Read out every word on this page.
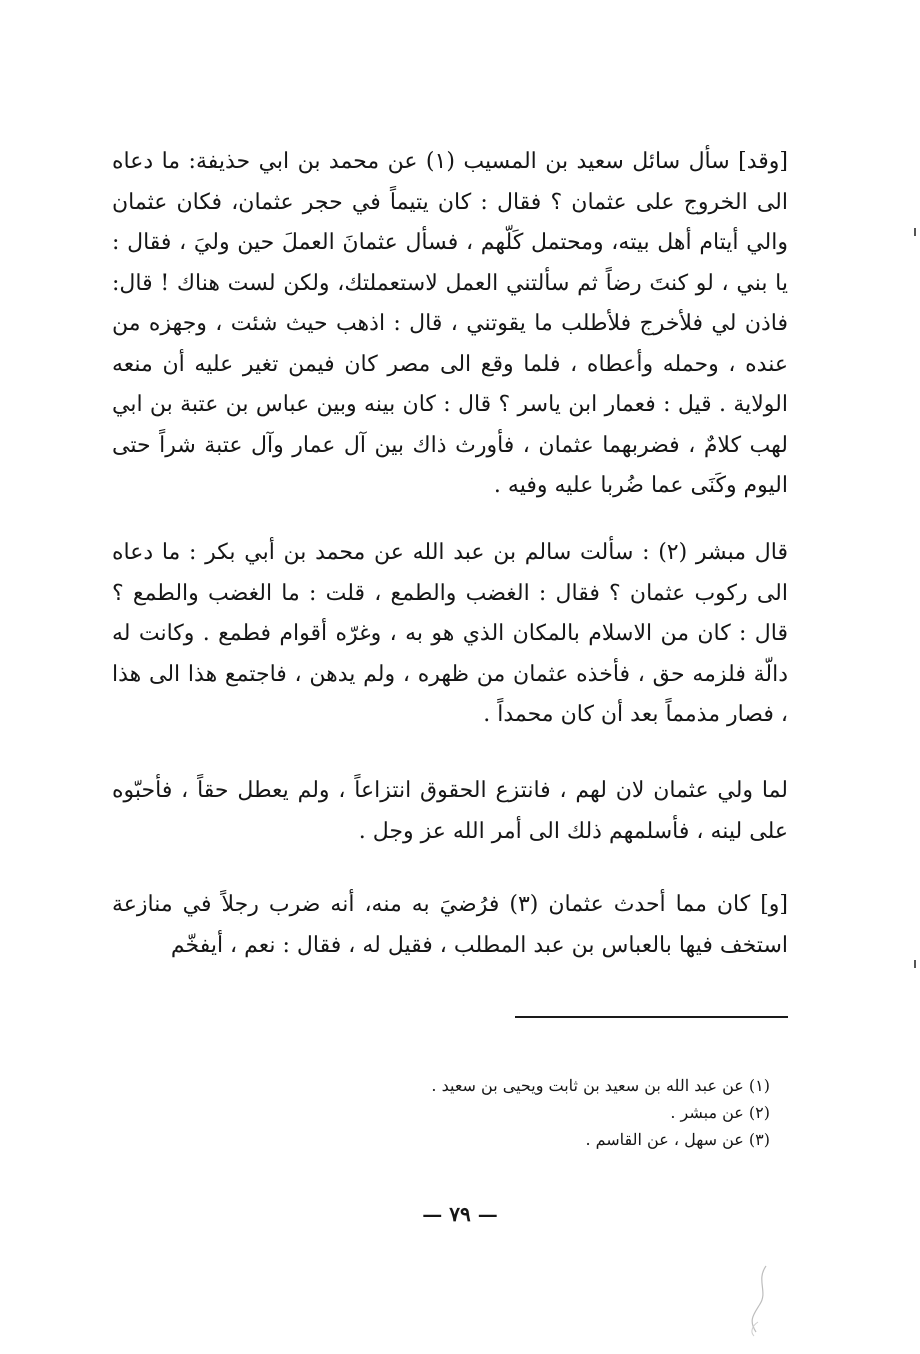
[وقد] سأل سائل سعيد بن المسيب (١) عن محمد بن ابي حذيفة: ما دعاه الى الخروج على عثمان ؟ فقال : كان يتيماً في حجر عثمان، فكان عثمان والي أيتام أهل بيته، ومحتمل كَلّهم ، فسأل عثمانَ العملَ حين وليَ ، فقال : يا بني ، لو كنتَ رضاً ثم سألتني العمل لاستعملتك، ولكن لست هناك ! قال: فاذن لي فلأخرج فلأطلب ما يقوتني ، قال : اذهب حيث شئت ، وجهزه من عنده ، وحمله وأعطاه ، فلما وقع الى مصر كان فيمن تغير عليه أن منعه الولاية . قيل : فعمار ابن ياسر ؟ قال : كان بينه وبين عباس بن عتبة بن ابي لهب كلامٌ ، فضربهما عثمان ، فأورث ذاك بين آل عمار وآل عتبة شراً حتى اليوم وكَنَى عما ضُربا عليه وفيه .

قال مبشر (٢) : سألت سالم بن عبد الله عن محمد بن أبي بكر : ما دعاه الى ركوب عثمان ؟ فقال : الغضب والطمع ، قلت : ما الغضب والطمع ؟ قال : كان من الاسلام بالمكان الذي هو به ، وغرّه أقوام فطمع . وكانت له دالّة فلزمه حق ، فأخذه عثمان من ظهره ، ولم يدهن ، فاجتمع هذا الى هذا ، فصار مذمماً بعد أن كان محمداً .

لما ولي عثمان لان لهم ، فانتزع الحقوق انتزاعاً ، ولم يعطل حقاً ، فأحبّوه على لينه ، فأسلمهم ذلك الى أمر الله عز وجل .

[و] كان مما أحدث عثمان (٣) فرُضيَ به منه، أنه ضرب رجلاً في منازعة استخف فيها بالعباس بن عبد المطلب ، فقيل له ، فقال : نعم ، أيفخّم

(١) عن عبد الله بن سعيد بن ثابت ويحيى بن سعيد .
(٢) عن مبشر .
(٣) عن سهل ، عن القاسم .
— ٧٩ —
